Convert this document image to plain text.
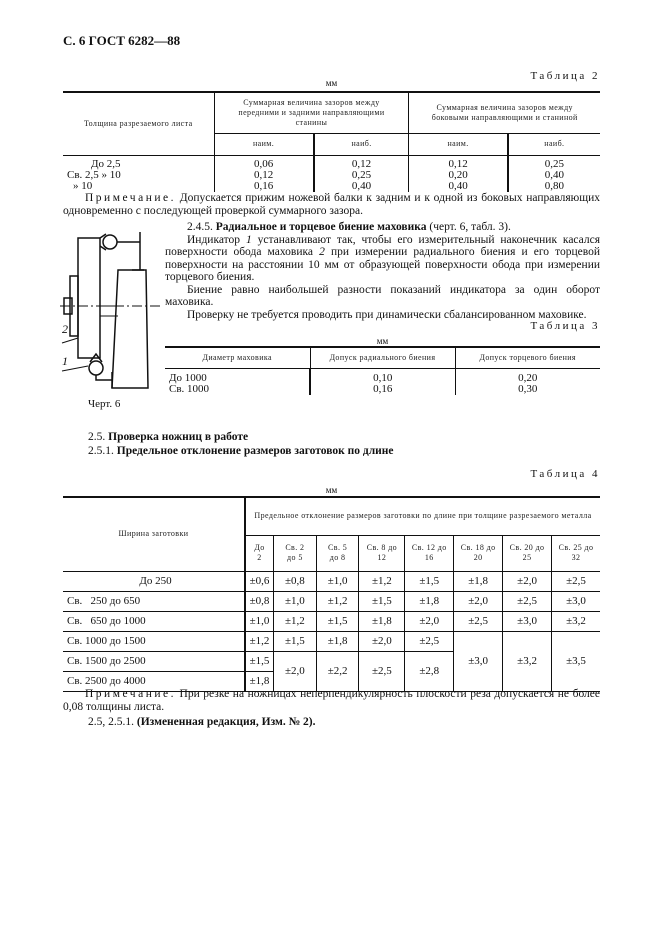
С. 6 ГОСТ 6282—88
Таблица 2
мм
Толщина разрезаемого листа	Суммарная величина зазоров между передними и задними направляющими станины		Суммарная величина зазоров между боковыми направляющими и станиной	
	наим.	наиб.	наим.	наиб.
До 2,5	0,06	0,12	0,12	0,25
Св. 2,5 » 10	0,12	0,25	0,20	0,40
» 10	0,16	0,40	0,40	0,80
Примечание. Допускается прижим ножевой балки к задним и к одной из боковых направляющих одновременно с последующей проверкой суммарного зазора.
2.4.5. Радиальное и торцевое биение маховика (черт. 6, табл. 3).
Индикатор 1 устанавливают так, чтобы его измерительный наконечник касался поверхности обода маховика 2 при измерении радиального биения и его торцевой поверхности на расстоянии 10 мм от образующей поверхности обода при измерении торцевого биения.
Биение равно наибольшей разности показаний индикатора за один оборот маховика.
Проверку не требуется проводить при динамически сбалансированном маховике.
2
1
Черт. 6
Таблица 3
мм
Диаметр маховика	Допуск радиального биения	Допуск торцевого биения
До 1000	0,10	0,20
Св. 1000	0,16	0,30
2.5. Проверка ножниц в работе
2.5.1. Предельное отклонение размеров заготовок по длине
Таблица 4
мм
Ширина заготовки	Предельное отклонение размеров заготовки по длине при толщине разрезаемого металла							
	До 2	Св. 2 до 5	Св. 5 до 8	Св. 8 до 12	Св. 12 до 16	Св. 18 до 20	Св. 20 до 25	Св. 25 до 32
До 250	±0,6	±0,8	±1,0	±1,2	±1,5	±1,8	±2,0	±2,5
Св.   250 до 650	±0,8	±1,0	±1,2	±1,5	±1,8	±2,0	±2,5	±3,0
Св.   650 до 1000	±1,0	±1,2	±1,5	±1,8	±2,0	±2,5	±3,0	±3,2
Св. 1000 до 1500	±1,2	±1,5	±1,8	±2,0	±2,5	±3,0	±3,2	±3,5
Св. 1500 до 2500	±1,5	±2,0	±2,2	±2,5	±2,8			
Св. 2500 до 4000	±1,8							
Примечание. При резке на ножницах неперпендикулярность плоскости реза допускается не более 0,08 толщины листа.
2.5, 2.5.1. (Измененная редакция, Изм. № 2).
